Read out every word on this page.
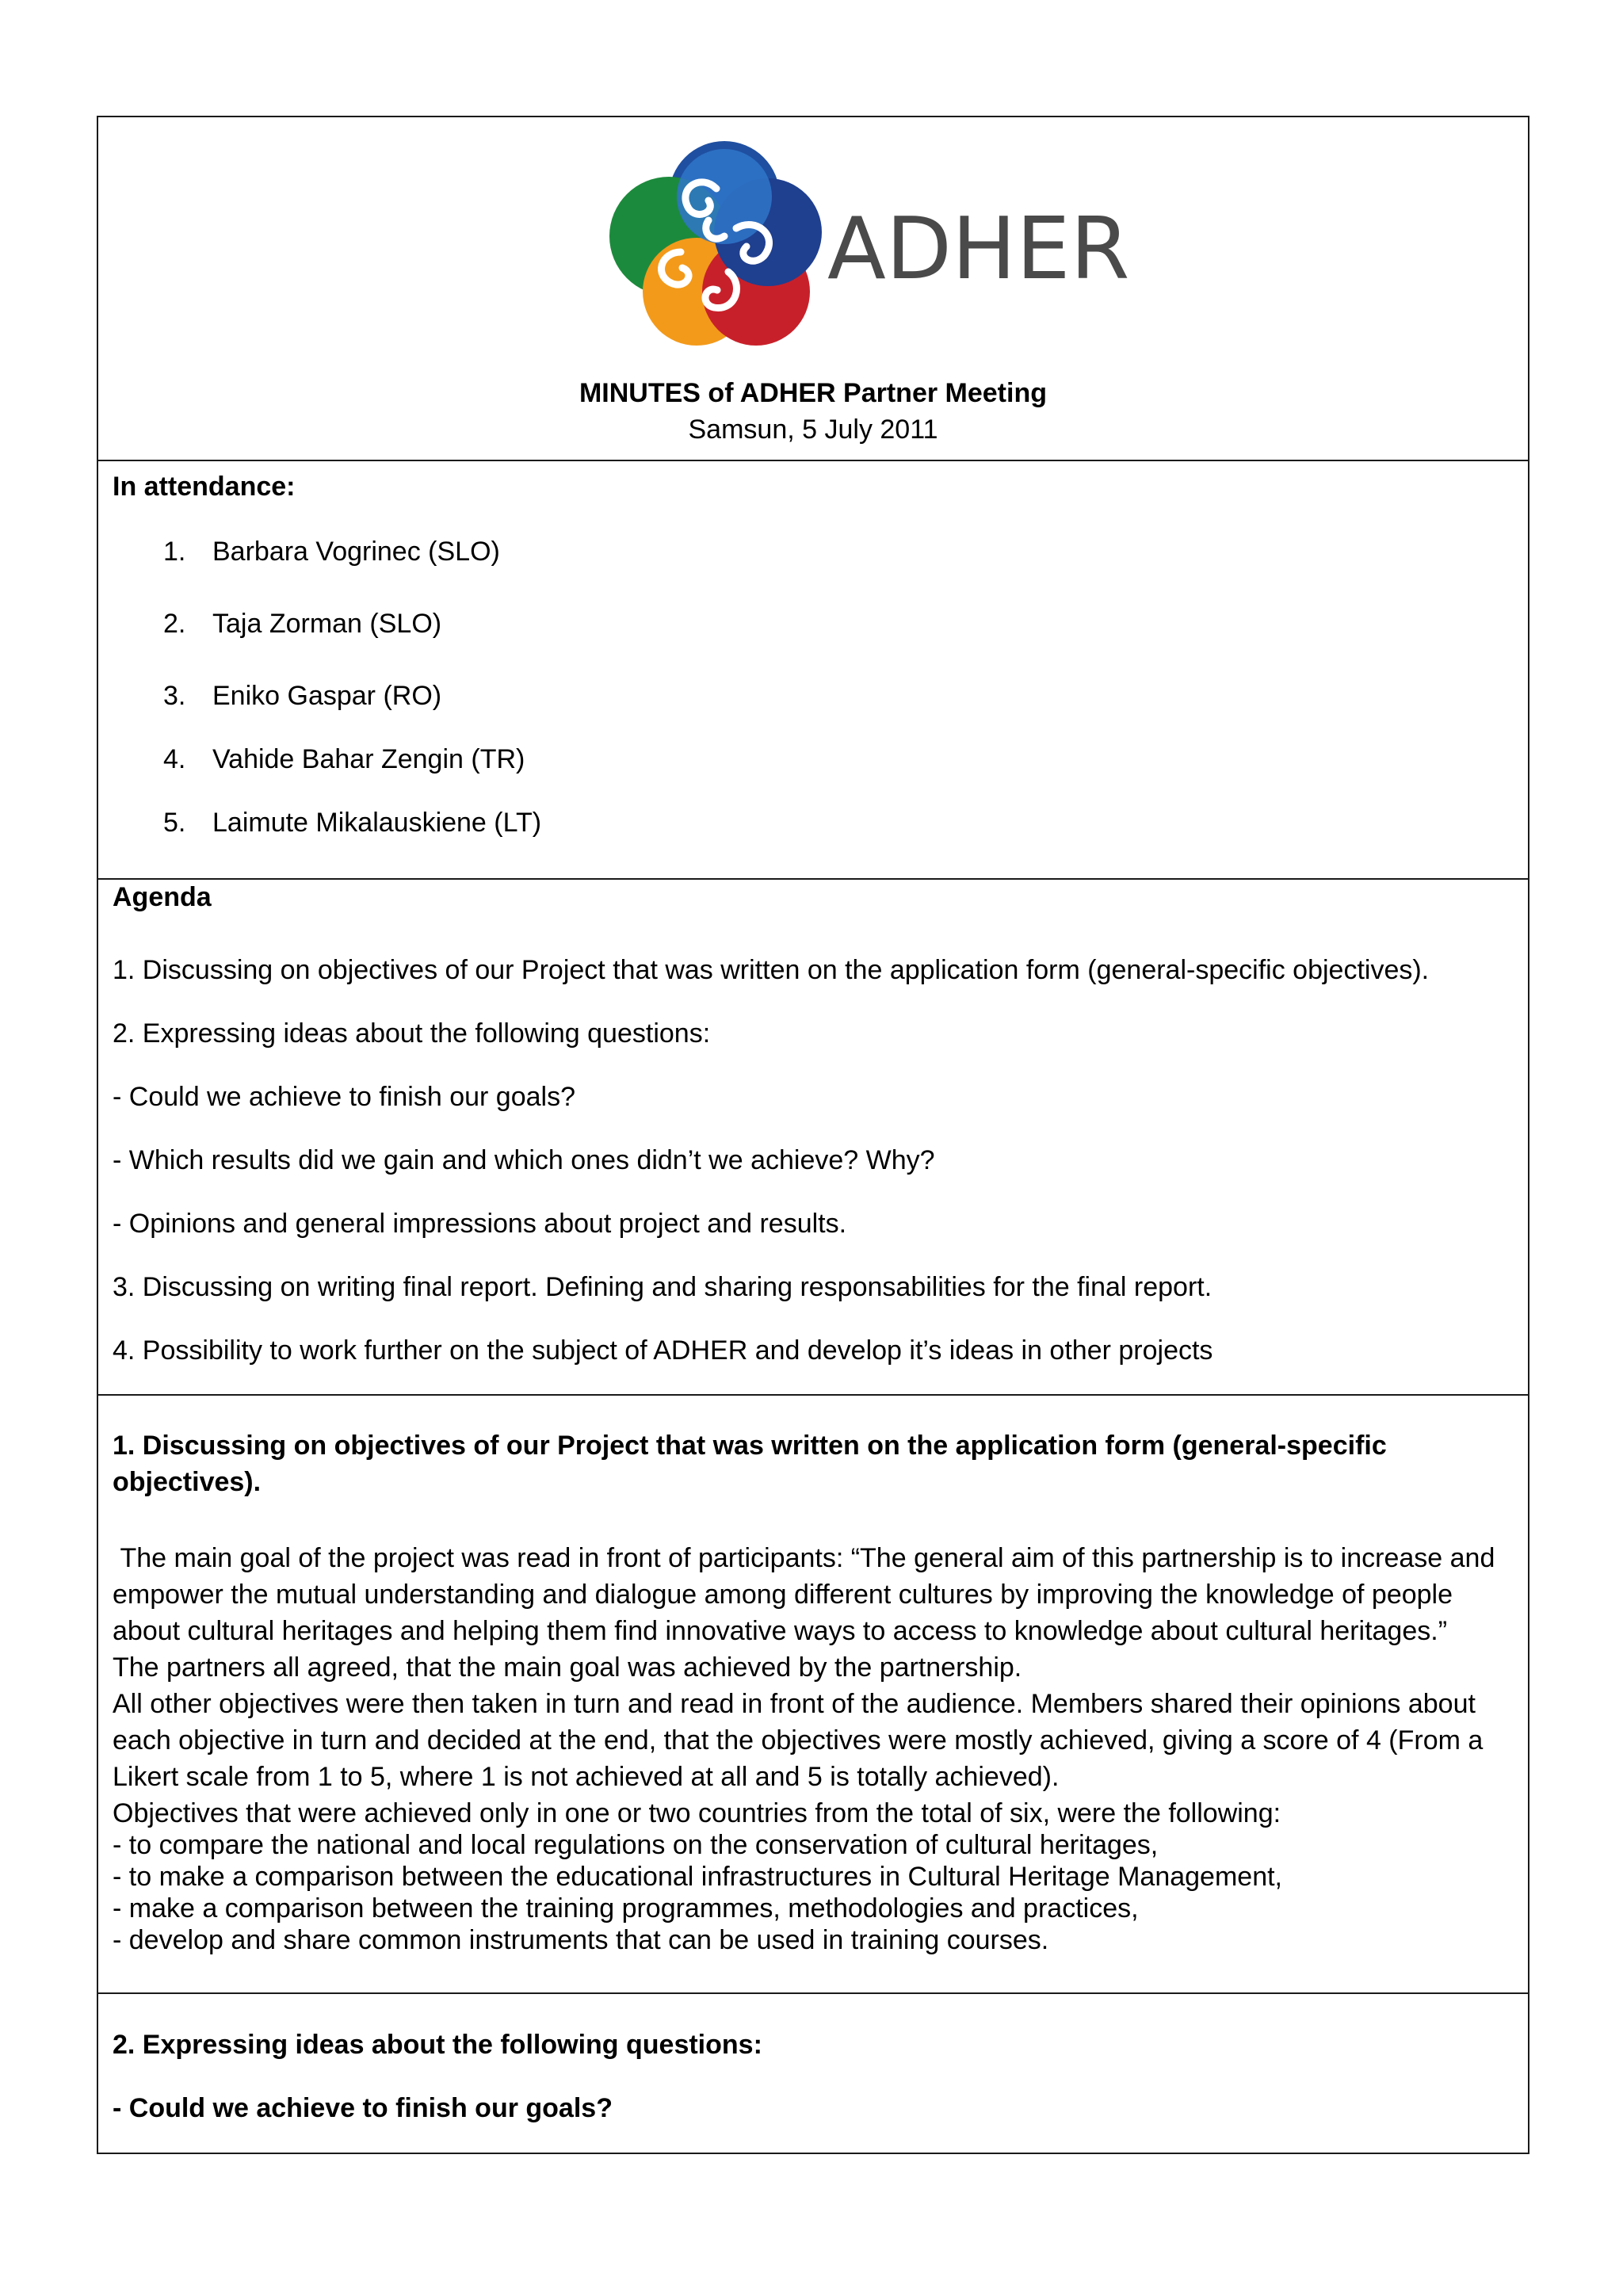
ADHER
MINUTES of ADHER Partner Meeting
Samsun, 5 July 2011
In attendance:
1. Barbara Vogrinec (SLO)
2. Taja Zorman (SLO)
3. Eniko Gaspar (RO)
4. Vahide Bahar Zengin (TR)
5. Laimute Mikalauskiene (LT)
Agenda
1. Discussing on objectives of our Project that was written on the application form (general-specific objectives).
2. Expressing ideas about the following questions:
- Could we achieve to finish our goals?
- Which results did we gain and which ones didn’t we achieve? Why?
- Opinions and general impressions about project and results.
3. Discussing on writing final report. Defining and sharing responsabilities for the final report.
4. Possibility to work further on the subject of ADHER and develop it’s ideas in other projects
1. Discussing on objectives of our Project that was written on the application form (general-specific objectives).

The main goal of the project was read in front of participants: “The general aim of this partnership is to increase and empower the mutual understanding and dialogue among different cultures by improving the knowledge of people about cultural heritages and helping them find innovative ways to access to knowledge about cultural heritages.”

The partners all agreed, that the main goal was achieved by the partnership.

All other objectives were then taken in turn and read in front of the audience. Members shared their opinions about each objective in turn and decided at the end, that the objectives were mostly achieved, giving a score of 4 (From a Likert scale from 1 to 5, where 1 is not achieved at all and 5 is totally achieved).

Objectives that were achieved only in one or two countries from the total of six, were the following:

- to compare the national and local regulations on the conservation of cultural heritages,
- to make a comparison between the educational infrastructures in Cultural Heritage Management,
- make a comparison between the training programmes, methodologies and practices,
- develop and share common instruments that can be used in training courses.
2. Expressing ideas about the following questions:
- Could we achieve to finish our goals?
